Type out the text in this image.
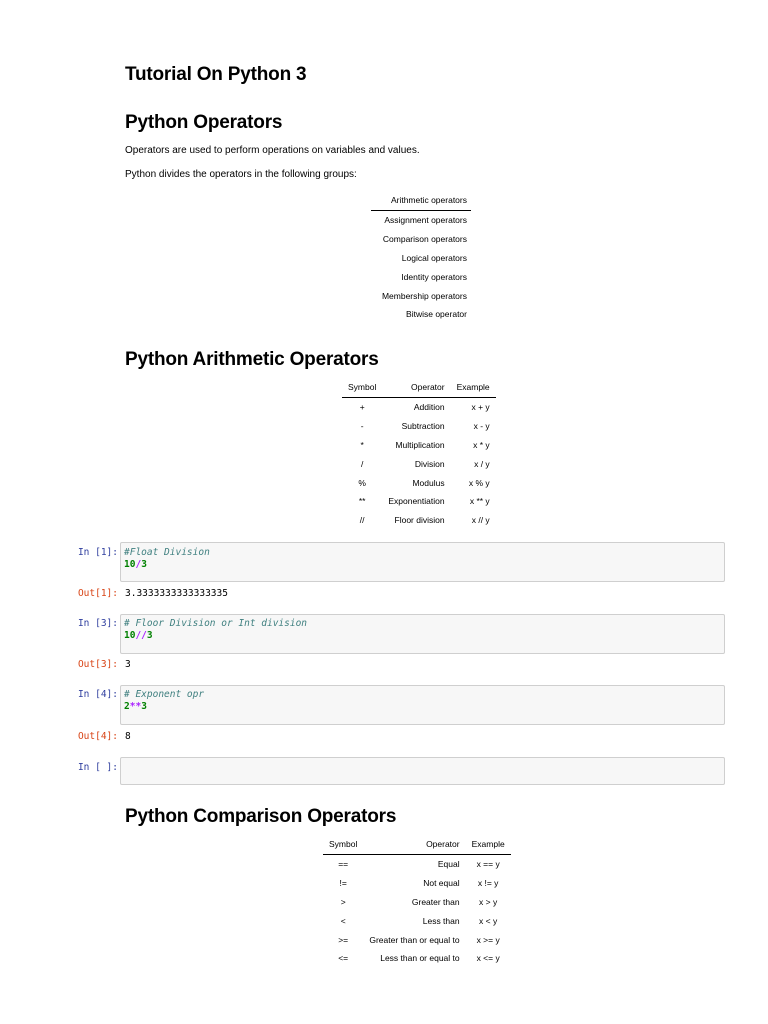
Tutorial On Python 3
Python Operators

Operators are used to perform operations on variables and values.

Python divides the operators in the following groups:

Arithmetic operators
Assignment operators
Comparison operators
Logical operators
Identity operators
Membership operators
Bitwise operator
Python Arithmetic Operators
Symbol	Operator	Example
+	Addition	x + y
-	Subtraction	x - y
*	Multiplication	x * y
/	Division	x / y
%	Modulus	x % y
**	Exponentiation	x ** y
//	Floor division	x // y
In [1]: #Float Division
10/3
Out[1]: 3.3333333333333335
In [3]: # Floor Division or Int division
10//3
Out[3]: 3
In [4]: # Exponent opr
2**3
Out[4]: 8
In [ ]:
Python Comparison Operators
Symbol	Operator	Example
==	Equal	x == y
!=	Not equal	x != y
>	Greater than	x > y
<	Less than	x < y
>=	Greater than or equal to	x >= y
<=	Less than or equal to	x <= y
